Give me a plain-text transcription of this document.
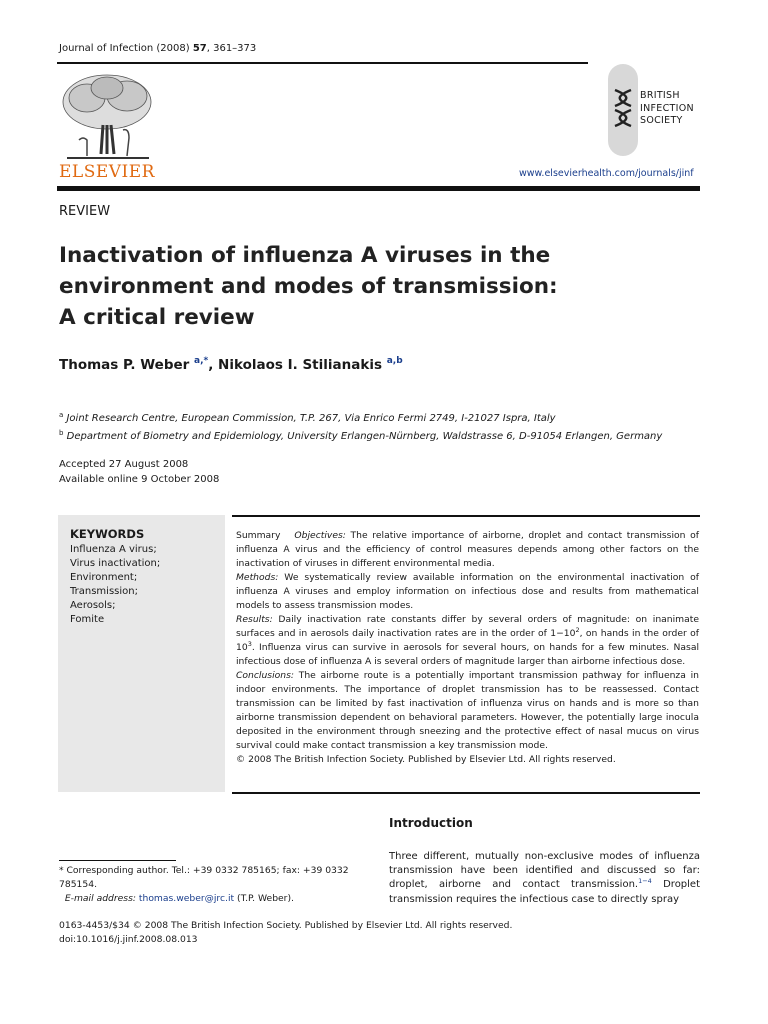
Journal of Infection (2008) 57, 361–373
ELSEVIER
BRITISH
INFECTION
SOCIETY
www.elsevierhealth.com/journals/jinf
REVIEW
Inactivation of influenza A viruses in the
environment and modes of transmission:
A critical review
Thomas P. Weber $^{a,*}$, Nikolaos I. Stilianakis $^{a,b}$
$^a$ Joint Research Centre, European Commission, T.P. 267, Via Enrico Fermi 2749, I-21027 Ispra, Italy
$^b$ Department of Biometry and Epidemiology, University Erlangen-Nürnberg, Waldstrasse 6, D-91054 Erlangen, Germany
Accepted 27 August 2008
Available online 9 October 2008
KEYWORDS
Influenza A virus;
Virus inactivation;
Environment;
Transmission;
Aerosols;
Fomite

Summary Objectives: The relative importance of airborne, droplet and contact transmission of influenza A virus and the efficiency of control measures depends among other factors on the inactivation of viruses in different environmental media.

Methods: We systematically review available information on the environmental inactivation of influenza A viruses and employ information on infectious dose and results from mathematical models to assess transmission modes.

Results: Daily inactivation rate constants differ by several orders of magnitude: on inanimate surfaces and in aerosols daily inactivation rates are in the order of $1-10^2$, on hands in the order of $10^3$. Influenza virus can survive in aerosols for several hours, on hands for a few minutes. Nasal infectious dose of influenza A is several orders of magnitude larger than airborne infectious dose.

Conclusions: The airborne route is a potentially important transmission pathway for influenza in indoor environments. The importance of droplet transmission has to be reassessed. Contact transmission can be limited by fast inactivation of influenza virus on hands and is more so than airborne transmission dependent on behavioral parameters. However, the potentially large inocula deposited in the environment through sneezing and the protective effect of nasal mucus on virus survival could make contact transmission a key transmission mode.

© 2008 The British Infection Society. Published by Elsevier Ltd. All rights reserved.

Introduction
Three different, mutually non-exclusive modes of influenza transmission have been identified and discussed so far: droplet, airborne and contact transmission.$^{1-4}$ Droplet transmission requires the infectious case to directly spray
* Corresponding author. Tel.: +39 0332 785165; fax: +39 0332 785154.
E-mail address: thomas.weber@jrc.it (T.P. Weber).
0163-4453/$34 © 2008 The British Infection Society. Published by Elsevier Ltd. All rights reserved.
doi:10.1016/j.jinf.2008.08.013
